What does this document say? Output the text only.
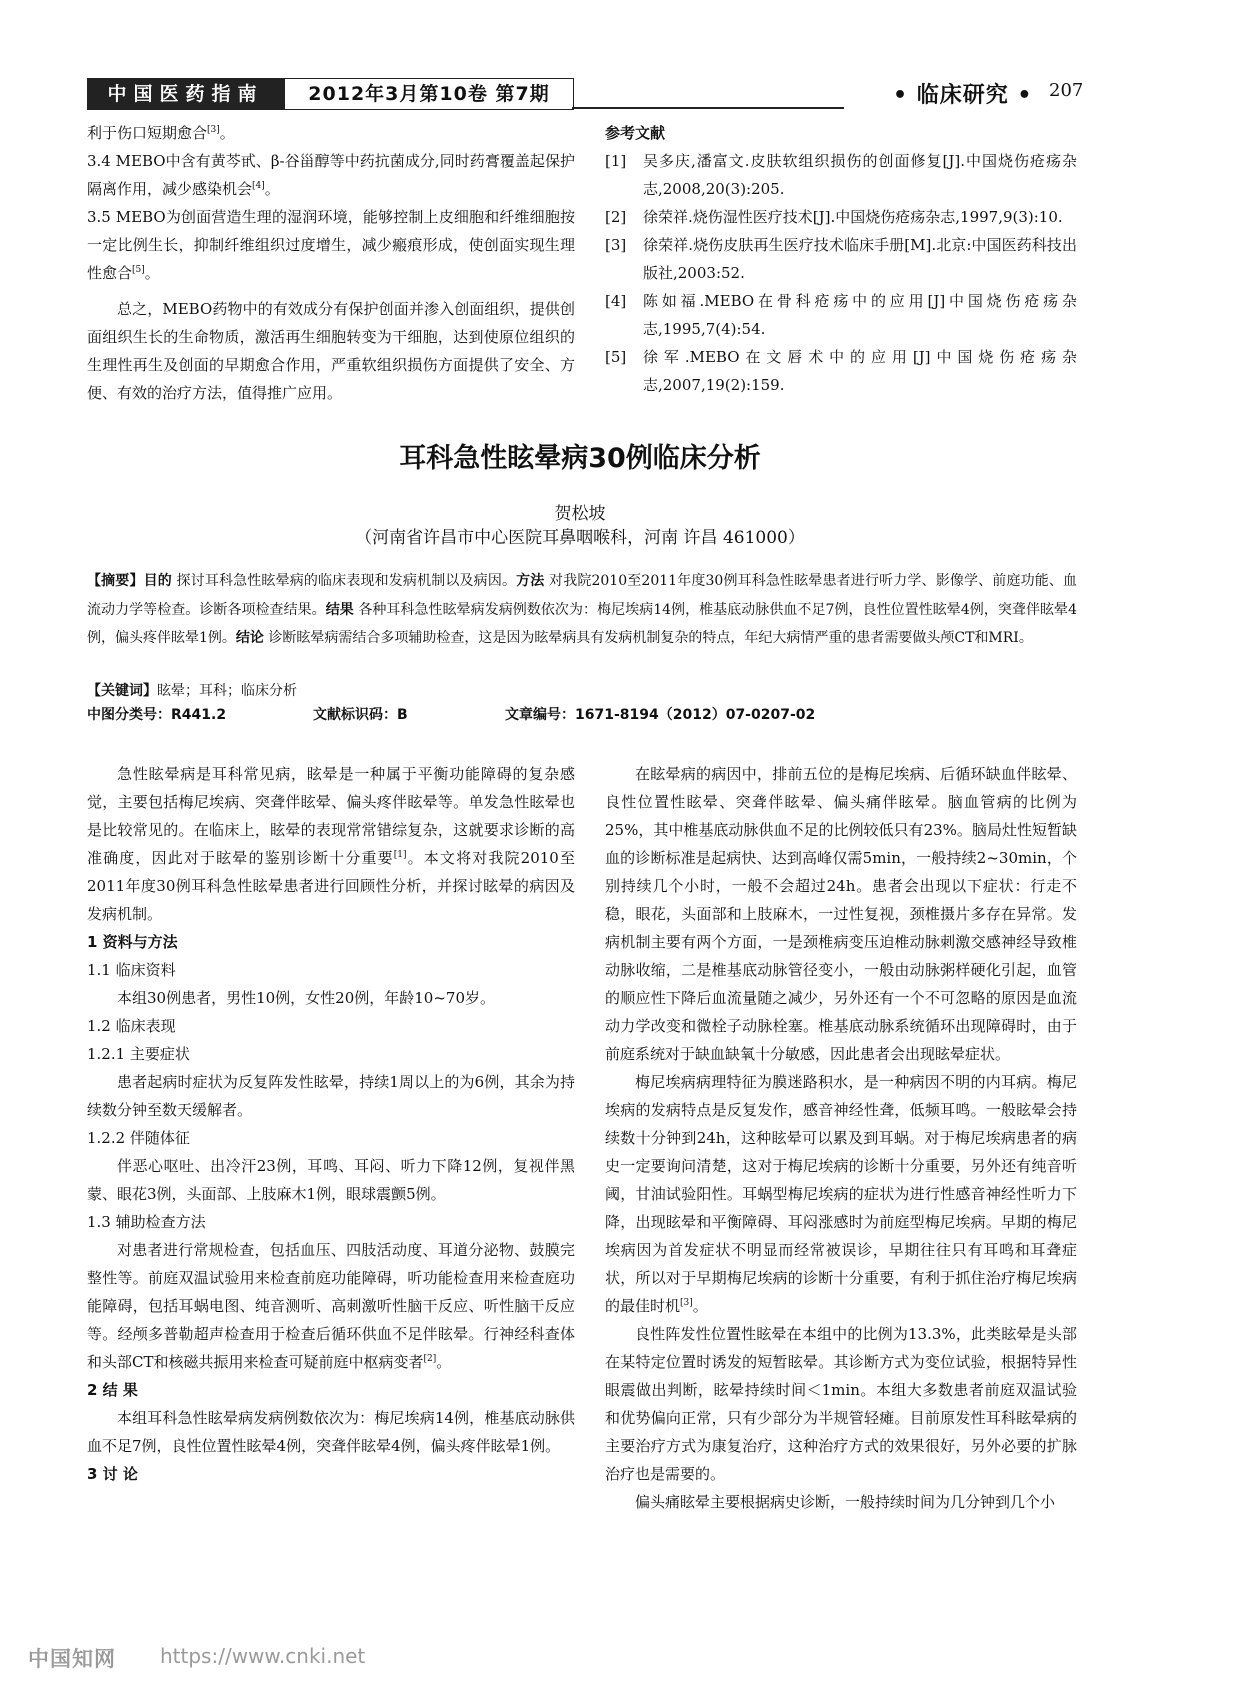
中国医药指南	2012年3月第10卷 第7期	• 临床研究 • 207

利于伤口短期愈合[3]。

3.4 MEBO中含有黄芩甙、β-谷甾醇等中药抗菌成分,同时药膏覆盖起保护隔离作用，减少感染机会[4]。

3.5 MEBO为创面营造生理的湿润环境，能够控制上皮细胞和纤维细胞按一定比例生长，抑制纤维组织过度增生，减少瘢痕形成，使创面实现生理性愈合[5]。

总之，MEBO药物中的有效成分有保护创面并渗入创面组织，提供创面组织生长的生命物质，激活再生细胞转变为干细胞，达到使原位组织的生理性再生及创面的早期愈合作用，严重软组织损伤方面提供了安全、方便、有效的治疗方法，值得推广应用。

参考文献
[1]	吴多庆,潘富文.皮肤软组织损伤的创面修复[J].中国烧伤疮疡杂志,2008,20(3):205.
[2]	徐荣祥.烧伤湿性医疗技术[J].中国烧伤疮疡杂志,1997,9(3):10.
[3]	徐荣祥.烧伤皮肤再生医疗技术临床手册[M].北京:中国医药科技出版社,2003:52.
[4]	陈如福.MEBO在骨科疮疡中的应用[J]中国烧伤疮疡杂志,1995,7(4):54.
[5]	徐军.MEBO在文唇术中的应用[J]中国烧伤疮疡杂志,2007,19(2):159.
耳科急性眩晕病30例临床分析
贺松坡
（河南省许昌市中心医院耳鼻咽喉科，河南 许昌 461000）
【摘要】目的 探讨耳科急性眩晕病的临床表现和发病机制以及病因。方法 对我院2010至2011年度30例耳科急性眩晕患者进行听力学、影像学、前庭功能、血流动力学等检查。诊断各项检查结果。结果 各种耳科急性眩晕病发病例数依次为：梅尼埃病14例，椎基底动脉供血不足7例，良性位置性眩晕4例，突聋伴眩晕4例，偏头疼伴眩晕1例。结论 诊断眩晕病需结合多项辅助检查，这是因为眩晕病具有发病机制复杂的特点，年纪大病情严重的患者需要做头颅CT和MRI。
【关键词】眩晕；耳科；临床分析
中图分类号：R441.2	文献标识码：B	文章编号：1671-8194（2012）07-0207-02

急性眩晕病是耳科常见病，眩晕是一种属于平衡功能障碍的复杂感觉，主要包括梅尼埃病、突聋伴眩晕、偏头疼伴眩晕等。单发急性眩晕也是比较常见的。在临床上，眩晕的表现常常错综复杂，这就要求诊断的高准确度，因此对于眩晕的鉴别诊断十分重要[1]。本文将对我院2010至2011年度30例耳科急性眩晕患者进行回顾性分析，并探讨眩晕的病因及发病机制。

1 资料与方法

1.1 临床资料

本组30例患者，男性10例，女性20例，年龄10~70岁。

1.2 临床表现

1.2.1 主要症状

患者起病时症状为反复阵发性眩晕，持续1周以上的为6例，其余为持续数分钟至数天缓解者。

1.2.2 伴随体征

伴恶心呕吐、出冷汗23例，耳鸣、耳闷、听力下降12例，复视伴黑蒙、眼花3例，头面部、上肢麻木1例，眼球震颤5例。

1.3 辅助检查方法

对患者进行常规检查，包括血压、四肢活动度、耳道分泌物、鼓膜完整性等。前庭双温试验用来检查前庭功能障碍，听功能检查用来检查庭功能障碍，包括耳蜗电图、纯音测听、高刺激听性脑干反应、听性脑干反应等。经颅多普勒超声检查用于检查后循环供血不足伴眩晕。行神经科查体和头部CT和核磁共振用来检查可疑前庭中枢病变者[2]。

2 结 果

本组耳科急性眩晕病发病例数依次为：梅尼埃病14例，椎基底动脉供血不足7例，良性位置性眩晕4例，突聋伴眩晕4例，偏头疼伴眩晕1例。

3 讨 论

在眩晕病的病因中，排前五位的是梅尼埃病、后循环缺血伴眩晕、良性位置性眩晕、突聋伴眩晕、偏头痛伴眩晕。脑血管病的比例为25%，其中椎基底动脉供血不足的比例较低只有23%。脑局灶性短暂缺血的诊断标准是起病快、达到高峰仅需5min，一般持续2~30min，个别持续几个小时，一般不会超过24h。患者会出现以下症状：行走不稳，眼花，头面部和上肢麻木，一过性复视，颈椎摄片多存在异常。发病机制主要有两个方面，一是颈椎病变压迫椎动脉刺激交感神经导致椎动脉收缩，二是椎基底动脉管径变小，一般由动脉粥样硬化引起，血管的顺应性下降后血流量随之减少，另外还有一个不可忽略的原因是血流动力学改变和微栓子动脉栓塞。椎基底动脉系统循环出现障碍时，由于前庭系统对于缺血缺氧十分敏感，因此患者会出现眩晕症状。

梅尼埃病病理特征为膜迷路积水，是一种病因不明的内耳病。梅尼埃病的发病特点是反复发作，感音神经性聋，低频耳鸣。一般眩晕会持续数十分钟到24h，这种眩晕可以累及到耳蜗。对于梅尼埃病患者的病史一定要询问清楚，这对于梅尼埃病的诊断十分重要，另外还有纯音听阈，甘油试验阳性。耳蜗型梅尼埃病的症状为进行性感音神经性听力下降，出现眩晕和平衡障碍、耳闷涨感时为前庭型梅尼埃病。早期的梅尼埃病因为首发症状不明显而经常被误诊，早期往往只有耳鸣和耳聋症状，所以对于早期梅尼埃病的诊断十分重要，有利于抓住治疗梅尼埃病的最佳时机[3]。

良性阵发性位置性眩晕在本组中的比例为13.3%，此类眩晕是头部在某特定位置时诱发的短暂眩晕。其诊断方式为变位试验，根据特异性眼震做出判断，眩晕持续时间＜1min。本组大多数患者前庭双温试验和优势偏向正常，只有少部分为半规管轻瘫。目前原发性耳科眩晕病的主要治疗方式为康复治疗，这种治疗方式的效果很好，另外必要的扩脉治疗也是需要的。

偏头痛眩晕主要根据病史诊断，一般持续时间为几分钟到几个小

中国知网 https://www.cnki.net
